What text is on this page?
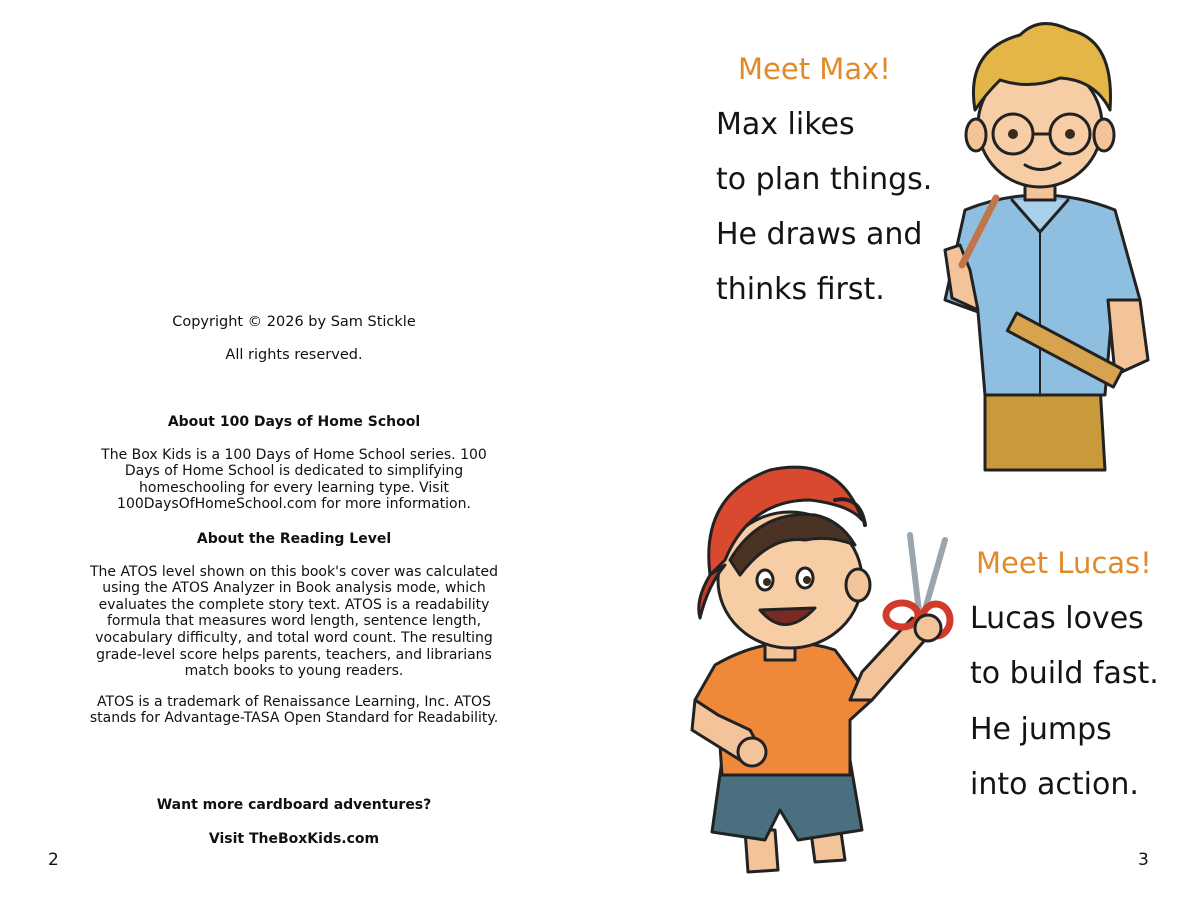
Copyright © 2026 by Sam Stickle
All rights reserved.
About 100 Days of Home School

The Box Kids is a 100 Days of Home School series. 100 Days of Home School is dedicated to simplifying homeschooling for every learning type. Visit 100DaysOfHomeSchool.com for more information.

About the Reading Level

The ATOS level shown on this book's cover was calculated using the ATOS Analyzer in Book analysis mode, which evaluates the complete story text. ATOS is a readability formula that measures word length, sentence length, vocabulary difficulty, and total word count. The resulting grade-level score helps parents, teachers, and librarians match books to young readers.

ATOS is a trademark of Renaissance Learning, Inc. ATOS stands for Advantage-TASA Open Standard for Readability.

Want more cardboard adventures?
Visit TheBoxKids.com
2
Meet Max!
Max likes
to plan things.
He draws and
thinks first.
Meet Lucas!
Lucas loves
to build fast.
He jumps
into action.
3
